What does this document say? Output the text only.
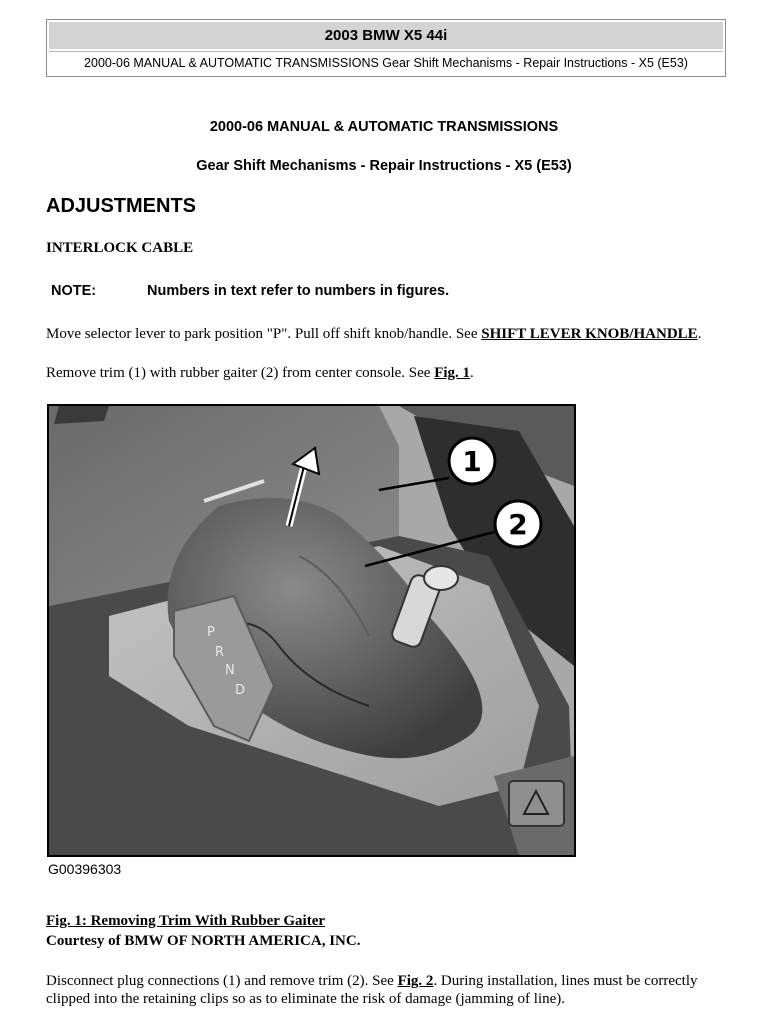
2003 BMW X5 44i
2000-06 MANUAL & AUTOMATIC TRANSMISSIONS Gear Shift Mechanisms - Repair Instructions - X5 (E53)
2000-06 MANUAL & AUTOMATIC TRANSMISSIONS
Gear Shift Mechanisms - Repair Instructions - X5 (E53)
ADJUSTMENTS
INTERLOCK CABLE
NOTE:	Numbers in text refer to numbers in figures.
Move selector lever to park position "P". Pull off shift knob/handle. See SHIFT LEVER KNOB/HANDLE.
Remove trim (1) with rubber gaiter (2) from center console. See Fig. 1.
P
R
N
D
1
2
G00396303
Fig. 1: Removing Trim With Rubber Gaiter
Courtesy of BMW OF NORTH AMERICA, INC.
Disconnect plug connections (1) and remove trim (2). See Fig. 2. During installation, lines must be correctly clipped into the retaining clips so as to eliminate the risk of damage (jamming of line).
